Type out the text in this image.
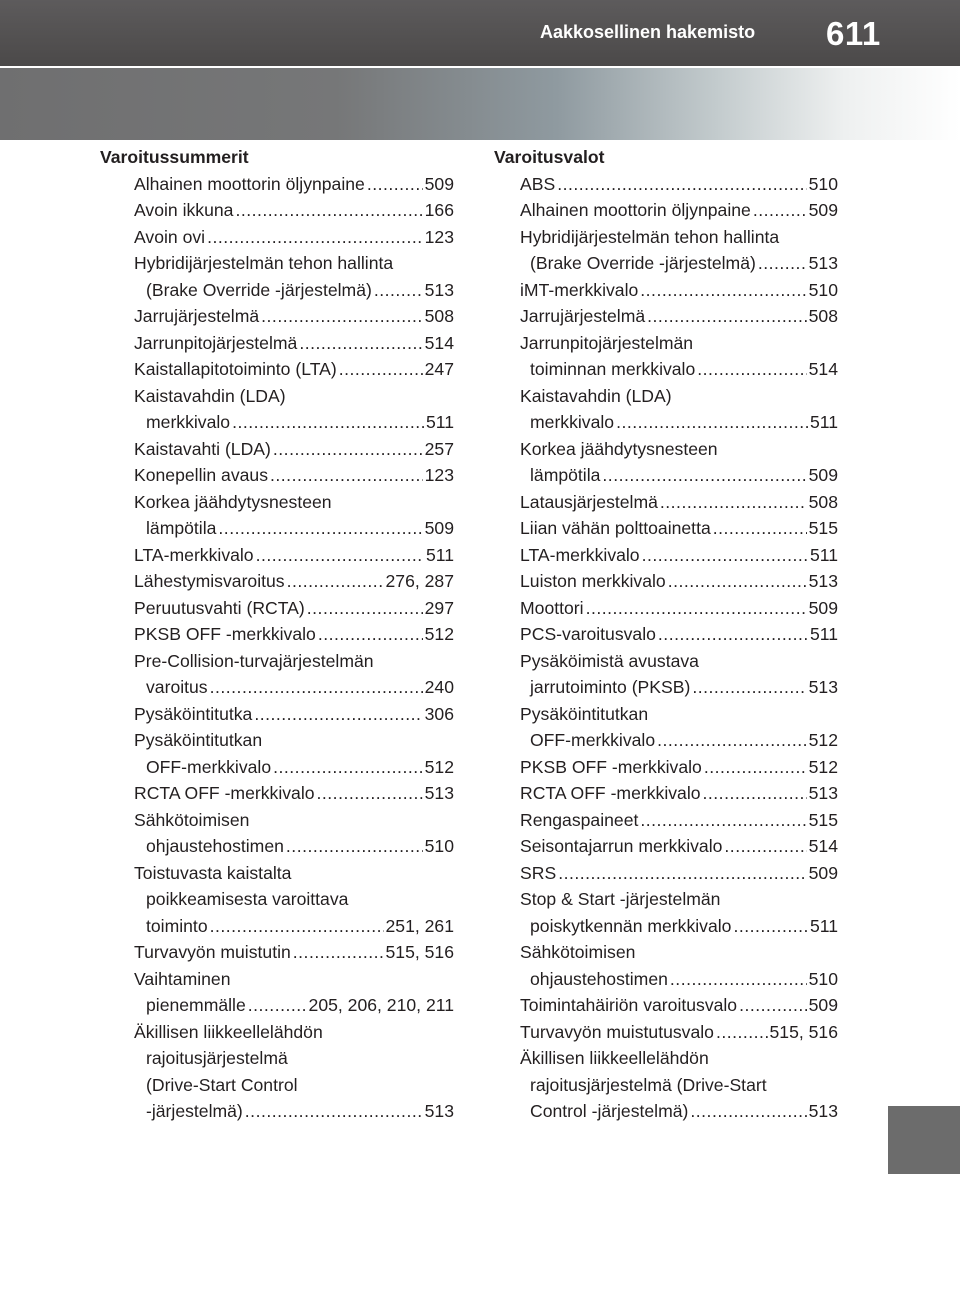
Aakkosellinen hakemisto	611
Varoitussummerit
Alhainen moottorin öljynpaine .....	509
Avoin ikkuna .....	166
Avoin ovi .....	123
Hybridijärjestelmän tehon hallinta
(Brake Override -järjestelmä) .....	513
Jarrujärjestelmä .....	508
Jarrunpitojärjestelmä .....	514
Kaistallapitotoiminto (LTA) .....	247
Kaistavahdin (LDA)
merkkivalo .....	511
Kaistavahti (LDA) .....	257
Konepellin avaus .....	123
Korkea jäähdytysnesteen
lämpötila .....	509
LTA-merkkivalo .....	511
Lähestymisvaroitus .....	276, 287
Peruutusvahti (RCTA) .....	297
PKSB OFF -merkkivalo .....	512
Pre-Collision-turvajärjestelmän
varoitus .....	240
Pysäköintitutka .....	306
Pysäköintitutkan
OFF-merkkivalo .....	512
RCTA OFF -merkkivalo .....	513
Sähkötoimisen
ohjaustehostimen .....	510
Toistuvasta kaistalta
poikkeamisesta varoittava
toiminto .....	251, 261
Turvavyön muistutin .....	515, 516
Vaihtaminen
pienemmälle .....	205, 206, 210, 211
Äkillisen liikkeellelähdön
rajoitusjärjestelmä
(Drive-Start Control
-järjestelmä) .....	513
Varoitusvalot
ABS .....	510
Alhainen moottorin öljynpaine .....	509
Hybridijärjestelmän tehon hallinta
(Brake Override -järjestelmä) .....	513
iMT-merkkivalo .....	510
Jarrujärjestelmä .....	508
Jarrunpitojärjestelmän
toiminnan merkkivalo .....	514
Kaistavahdin (LDA)
merkkivalo .....	511
Korkea jäähdytysnesteen
lämpötila .....	509
Latausjärjestelmä .....	508
Liian vähän polttoainetta .....	515
LTA-merkkivalo .....	511
Luiston merkkivalo .....	513
Moottori .....	509
PCS-varoitusvalo .....	511
Pysäköimistä avustava
jarrutoiminto (PKSB) .....	513
Pysäköintitutkan
OFF-merkkivalo .....	512
PKSB OFF -merkkivalo .....	512
RCTA OFF -merkkivalo .....	513
Rengaspaineet .....	515
Seisontajarrun merkkivalo .....	514
SRS .....	509
Stop & Start -järjestelmän
poiskytkennän merkkivalo .....	511
Sähkötoimisen
ohjaustehostimen .....	510
Toimintahäiriön varoitusvalo .....	509
Turvavyön muistutusvalo .....	515, 516
Äkillisen liikkeellelähdön
rajoitusjärjestelmä (Drive-Start
Control -järjestelmä) .....	513
